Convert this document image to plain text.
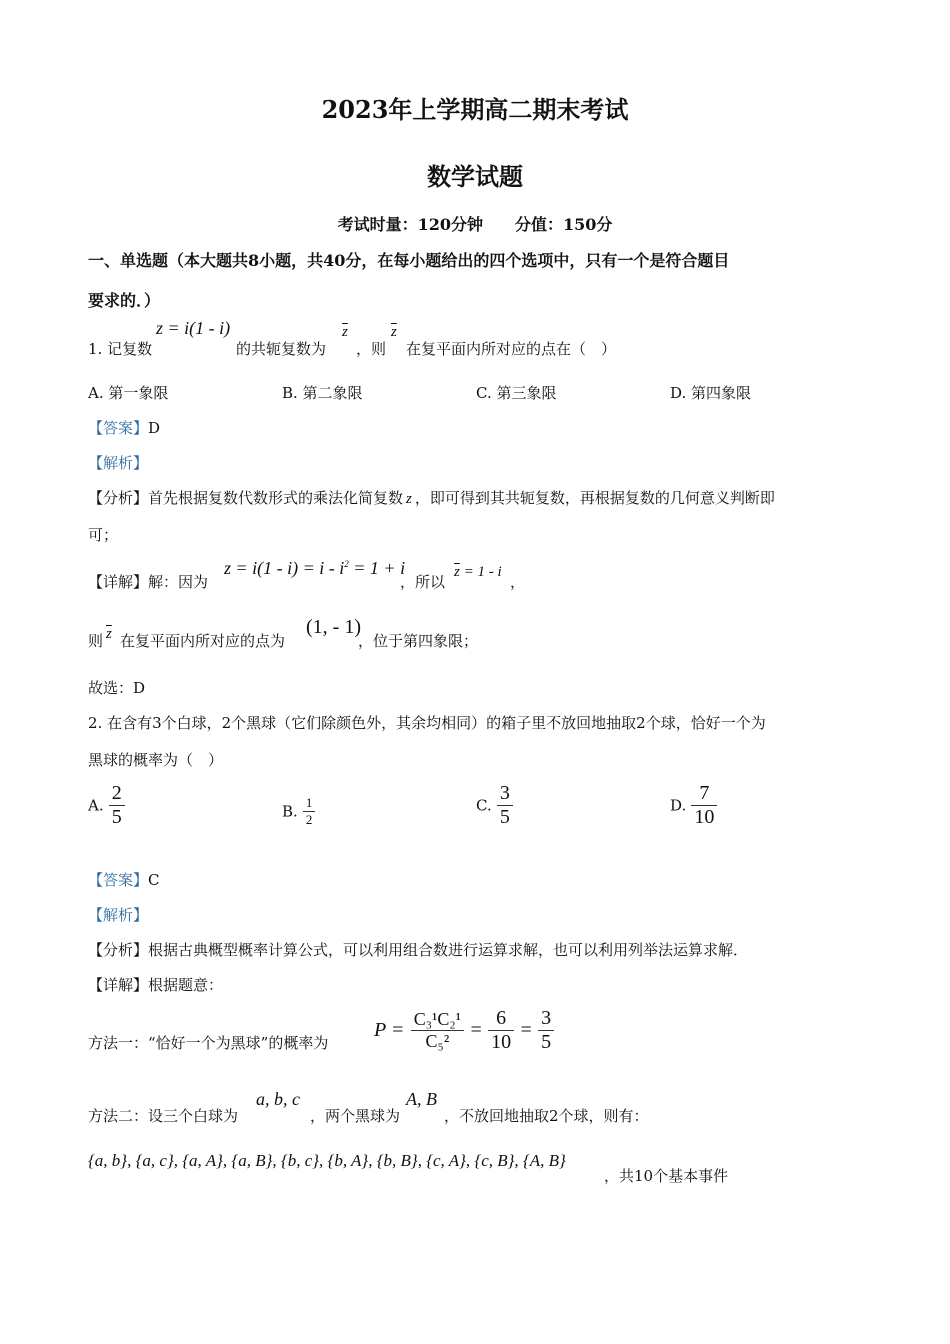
2023年上学期高二期末考试
数学试题
考试时量：120分钟　　分值：150分
一、单选题（本大题共8小题，共40分，在每小题给出的四个选项中，只有一个是符合题目
要求的．）
1. 记复数
z = i(1 - i)
的共轭复数为
$\overline{z}$
，则
$\overline{z}$
在复平面内所对应的点在（　）
A. 第一象限	B. 第二象限	C. 第三象限	D. 第四象限
【答案】D
【解析】
【分析】首先根据复数代数形式的乘法化简复数 z ，即可得到其共轭复数，再根据复数的几何意义判断即
可；
【详解】解：因为
$z = i(1 - i) = i - i^2 = 1 + i$
，所以
$\overline{z} = 1 - i$
，
则 $\overline{z}$ 在复平面内所对应的点为
(1, - 1)
，位于第四象限；
故选：D
2. 在含有3个白球，2个黑球（它们除颜色外，其余均相同）的箱子里不放回地抽取2个球，恰好一个为
黑球的概率为（　）
A. $\frac{2}{5}$	B. $\frac{1}{2}$	C. $\frac{3}{5}$	D. $\frac{7}{10}$
【答案】C
【解析】
【分析】根据古典概型概率计算公式，可以利用组合数进行运算求解，也可以利用列举法运算求解．
【详解】根据题意：
方法一：“恰好一个为黑球”的概率为
$P = \frac{\text{C₃¹C₂¹}}{\text{C₅²}} = \frac{6}{10} = \frac{3}{5}$
方法二：设三个白球为
a, b, c
，两个黑球为
A, B
，不放回地抽取2个球，则有：
{a, b}, {a, c}, {a, A}, {a, B}, {b, c}, {b, A}, {b, B}, {c, A}, {c, B}, {A, B}
，共10个基本事件
